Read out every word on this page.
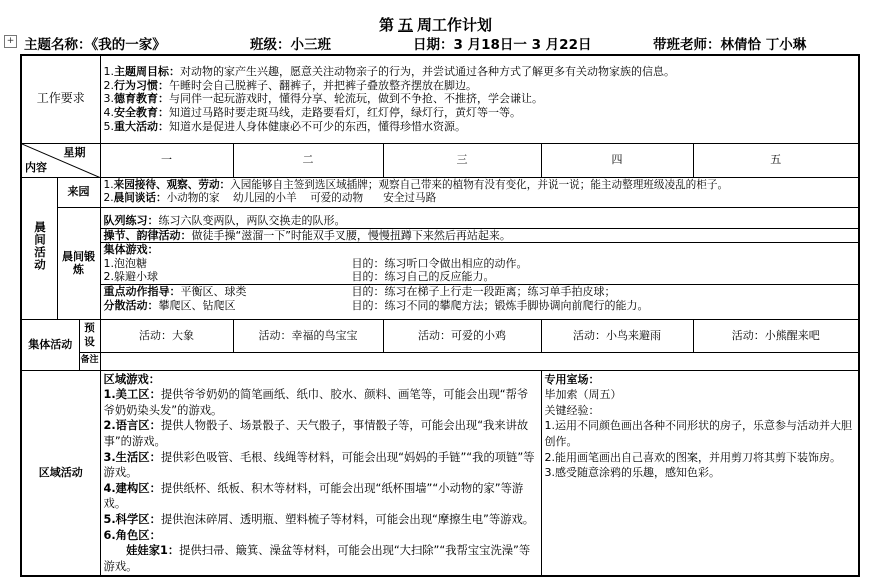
第 五 周工作计划
+ 主题名称：《我的一家》	班级：小三班	日期：3 月18日一 3 月22日	带班老师：林倩恰 丁小琳
工作要求	
1.主题周目标：对动物的家产生兴趣，愿意关注动物亲子的行为，并尝试通过各种方式了解更多有关动物家族的信息。
2.行为习惯：午睡时会自己脱裤子、翻裤子，并把裤子叠放整齐摆放在脚边。
3.德育教育：与同伴一起玩游戏时，懂得分享、轮流玩，做到不争抢、不推挤，学会谦让。
4.安全教育：知道过马路时要走斑马线，走路要看灯，红灯停，绿灯行，黄灯等一等。
5.重大活动：知道水是促进人身体健康必不可少的东西，懂得珍惜水资源。

星期
内容
	一	二	三	四	五
晨间活动	来园	
1.来园接待、观察、劳动：入园能够自主签到选区域插牌；观察自己带来的植物有没有变化，并说一说；能主动整理班级凌乱的柜子。
2.晨间谈话：小动物的家    幼儿园的小羊    可爱的动物      安全过马路

晨间锻炼	
队列练习：练习六队变两队，两队交换走的队形。
操节、韵律活动：做徒手操“滋溜一下”时能双手叉腰，慢慢扭蹲下来然后再站起来。
集体游戏：
1.泡泡糖	目的：练习听口令做出相应的动作。
2.躲避小球	目的：练习自己的反应能力。
重点动作指导：平衡区、球类	目的：练习在梯子上行走一段距离；练习单手拍皮球；
分散活动：攀爬区、钻爬区	目的：练习不同的攀爬方法；锻炼手脚协调向前爬行的能力。

集体活动	预设	活动：大象	活动：幸福的鸟宝宝	活动：可爱的小鸡	活动：小鸟来避雨	活动：小熊醒来吧
备注	
区域活动	
区域游戏：
1.美工区：提供爷爷奶奶的简笔画纸、纸巾、胶水、颜料、画笔等，可能会出现“帮爷爷奶奶染头发”的游戏。
2.语言区：提供人物骰子、场景骰子、天气骰子，事情骰子等，可能会出现“我来讲故事”的游戏。
3.生活区：提供彩色吸管、毛根、线绳等材料，可能会出现“妈妈的手链”“我的项链”等游戏。
4.建构区：提供纸杯、纸板、积木等材料，可能会出现“纸杯围墙”“小动物的家”等游戏。
5.科学区：提供泡沫碎屑、透明瓶、塑料梳子等材料，可能会出现“摩擦生电”等游戏。
6.角色区：
娃娃家1：提供扫帚、簸箕、澡盆等材料，可能会出现“大扫除”“我帮宝宝洗澡”等游戏。

专用室场：
毕加索（周五）
关键经验：
1.运用不同颜色画出各种不同形状的房子，乐意参与活动并大胆创作。
2.能用画笔画出自己喜欢的图案，并用剪刀将其剪下装饰房。
3.感受随意涂鸦的乐趣，感知色彩。
